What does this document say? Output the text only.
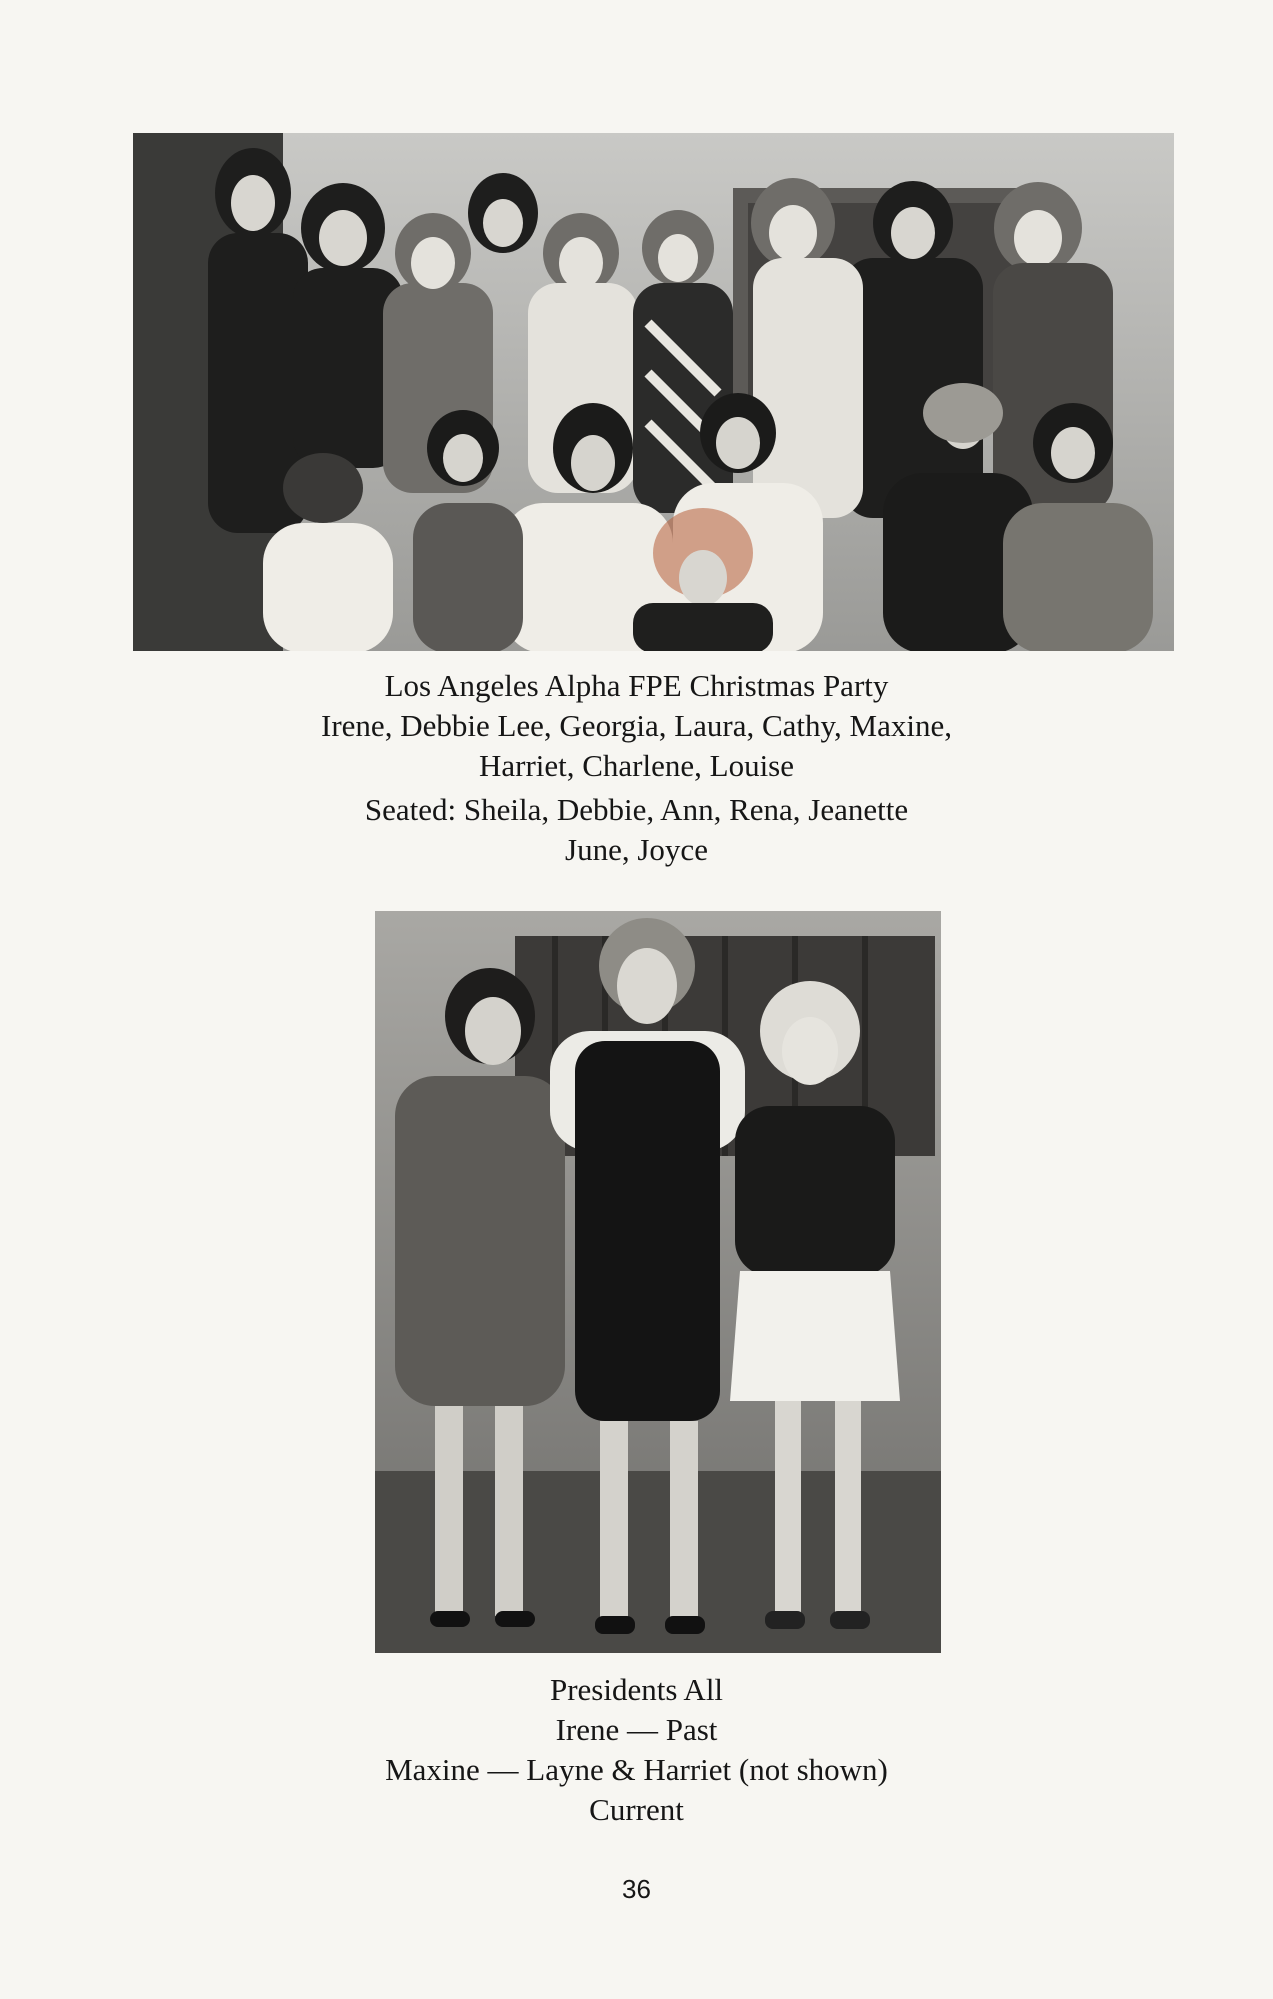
Los Angeles Alpha FPE Christmas Party
Irene, Debbie Lee, Georgia, Laura, Cathy, Maxine,
Harriet, Charlene, Louise
Seated: Sheila, Debbie, Ann, Rena, Jeanette
June, Joyce
Presidents All
Irene — Past
Maxine — Layne & Harriet (not shown)
Current
36
